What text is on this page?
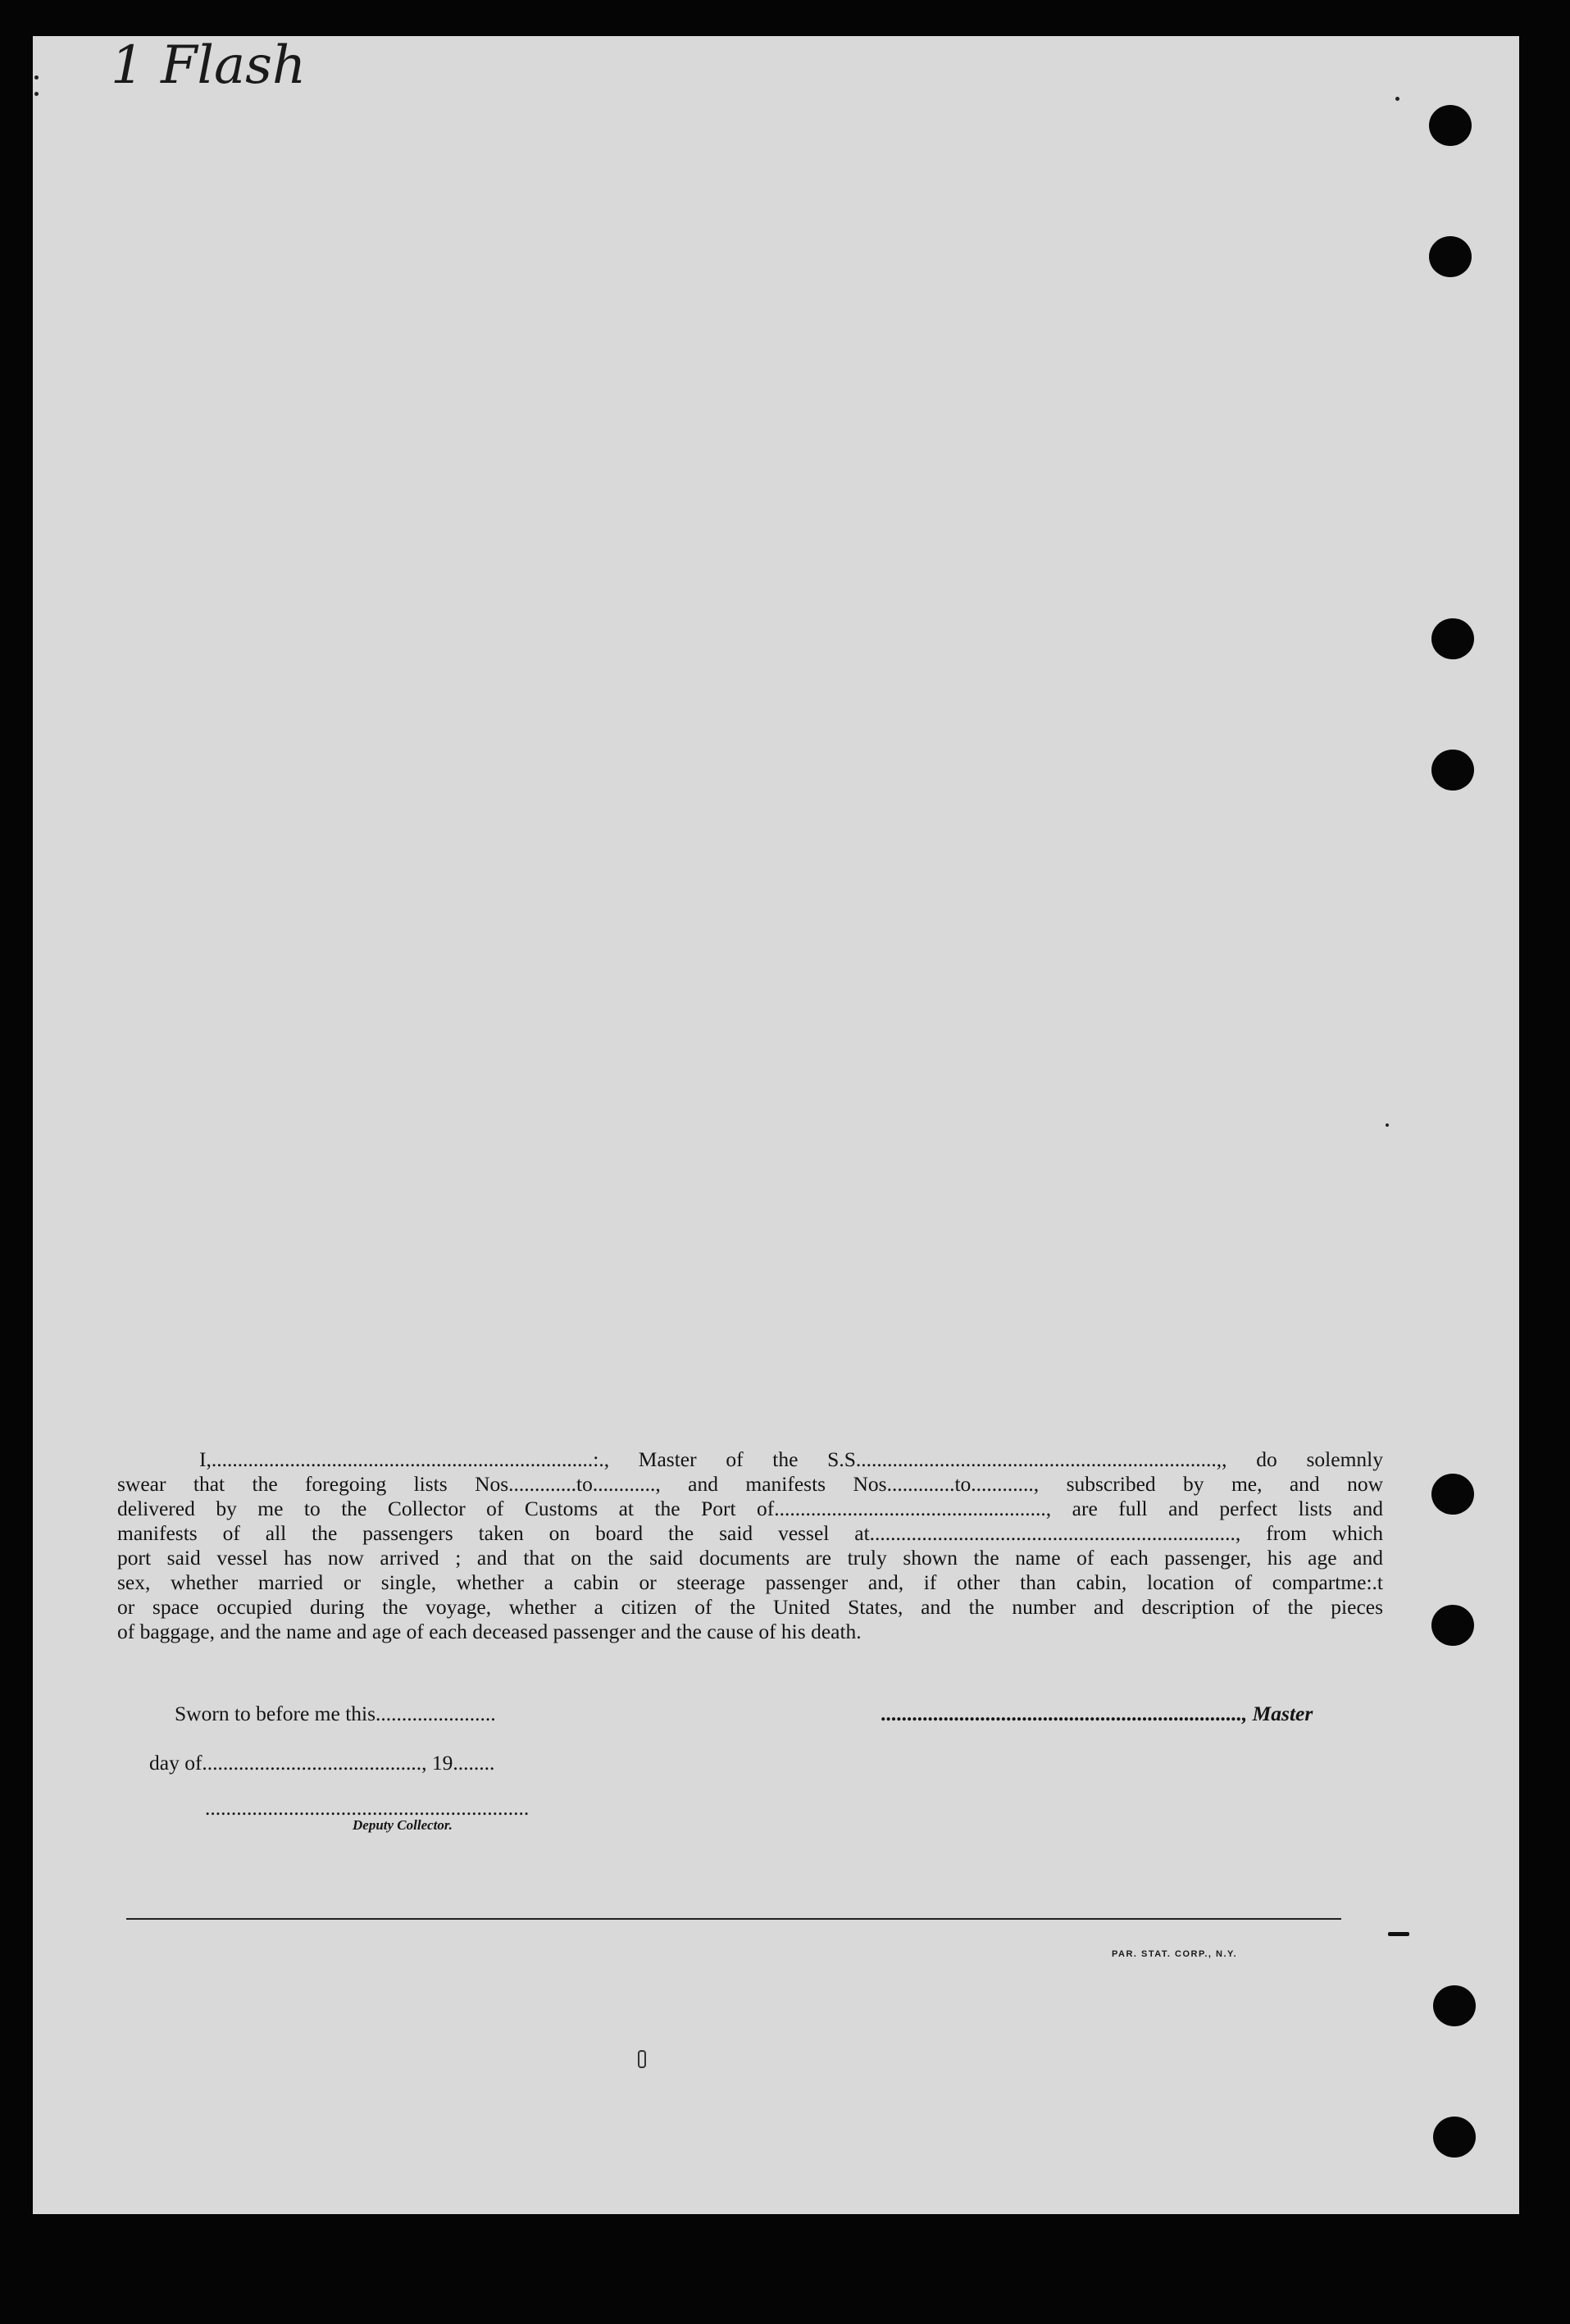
1 Flash
I,.........................................................................:., Master of the S.S.....................................................................,, do solemnly
swear that the foregoing lists Nos.............to............, and manifests Nos.............to............, subscribed by me, and now
delivered by me to the Collector of Customs at the Port of...................................................., are full and perfect lists and
manifests of all the passengers taken on board the said vessel at......................................................................, from which
port said vessel has now arrived ; and that on the said documents are truly shown the name of each passenger, his age and
sex, whether married or single, whether a cabin or steerage passenger and, if other than cabin, location of compartme:.t
or space occupied during the voyage, whether a citizen of the United States, and the number and description of the pieces
of baggage, and the name and age of each deceased passenger and the cause of his death.
Sworn to before me this.......................	....................................................................., Master
day of.........................................., 19........
..............................................................
Deputy Collector.
PAR. STAT. CORP., N.Y.
